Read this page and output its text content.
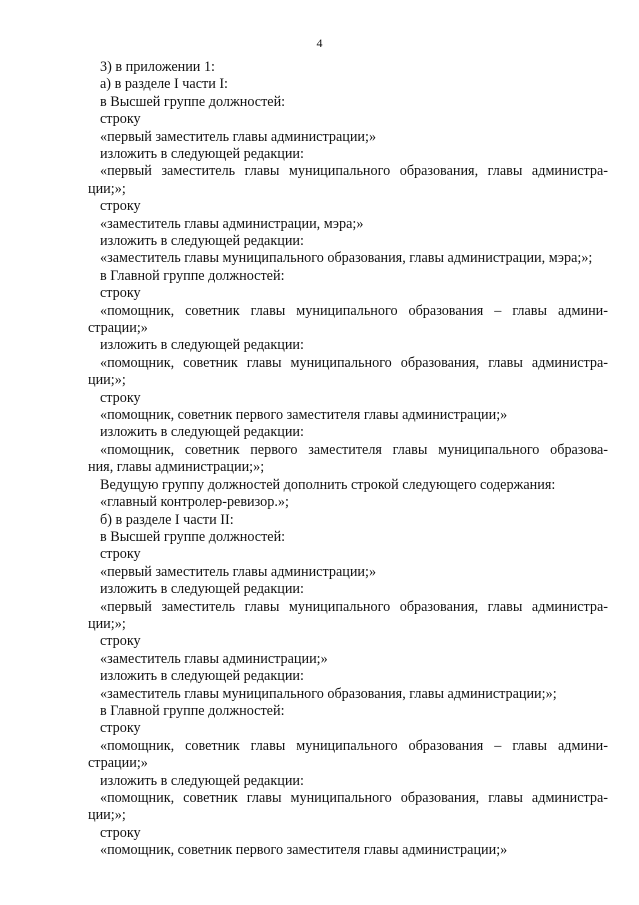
4
3) в приложении 1:
а) в разделе I части I:
в Высшей группе должностей:
строку
«первый заместитель главы администрации;»
изложить в следующей редакции:
«первый заместитель главы муниципального образования, главы администра-
ции;»;
строку
«заместитель главы администрации, мэра;»
изложить в следующей редакции:
«заместитель главы муниципального образования, главы администрации, мэра;»;
в Главной группе должностей:
строку
«помощник, советник главы муниципального образования – главы админи-
страции;»
изложить в следующей редакции:
«помощник, советник главы муниципального образования, главы администра-
ции;»;
строку
«помощник, советник первого заместителя главы администрации;»
изложить в следующей редакции:
«помощник, советник первого заместителя главы муниципального образова-
ния, главы администрации;»;
Ведущую группу должностей дополнить строкой следующего содержания:
«главный контролер-ревизор.»;
б) в разделе I части II:
в Высшей группе должностей:
строку
«первый заместитель главы администрации;»
изложить в следующей редакции:
«первый заместитель главы муниципального образования, главы администра-
ции;»;
строку
«заместитель главы администрации;»
изложить в следующей редакции:
«заместитель главы муниципального образования, главы администрации;»;
в Главной группе должностей:
строку
«помощник, советник главы муниципального образования – главы админи-
страции;»
изложить в следующей редакции:
«помощник, советник главы муниципального образования, главы администра-
ции;»;
строку
«помощник, советник первого заместителя главы администрации;»
